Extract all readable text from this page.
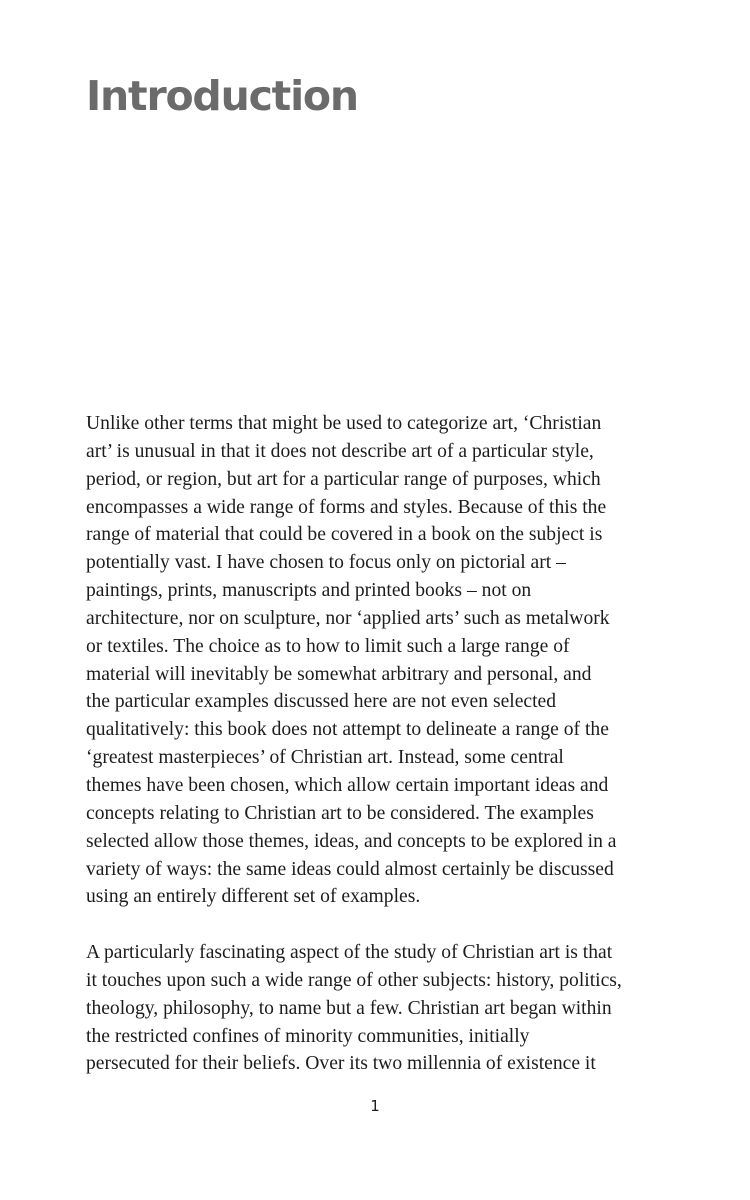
Introduction

Unlike other terms that might be used to categorize art, ‘Christian
art’ is unusual in that it does not describe art of a particular style,
period, or region, but art for a particular range of purposes, which
encompasses a wide range of forms and styles. Because of this the
range of material that could be covered in a book on the subject is
potentially vast. I have chosen to focus only on pictorial art –
paintings, prints, manuscripts and printed books – not on
architecture, nor on sculpture, nor ‘applied arts’ such as metalwork
or textiles. The choice as to how to limit such a large range of
material will inevitably be somewhat arbitrary and personal, and
the particular examples discussed here are not even selected
qualitatively: this book does not attempt to delineate a range of the
‘greatest masterpieces’ of Christian art. Instead, some central
themes have been chosen, which allow certain important ideas and
concepts relating to Christian art to be considered. The examples
selected allow those themes, ideas, and concepts to be explored in a
variety of ways: the same ideas could almost certainly be discussed
using an entirely different set of examples.

A particularly fascinating aspect of the study of Christian art is that
it touches upon such a wide range of other subjects: history, politics,
theology, philosophy, to name but a few. Christian art began within
the restricted confines of minority communities, initially
persecuted for their beliefs. Over its two millennia of existence it

1
